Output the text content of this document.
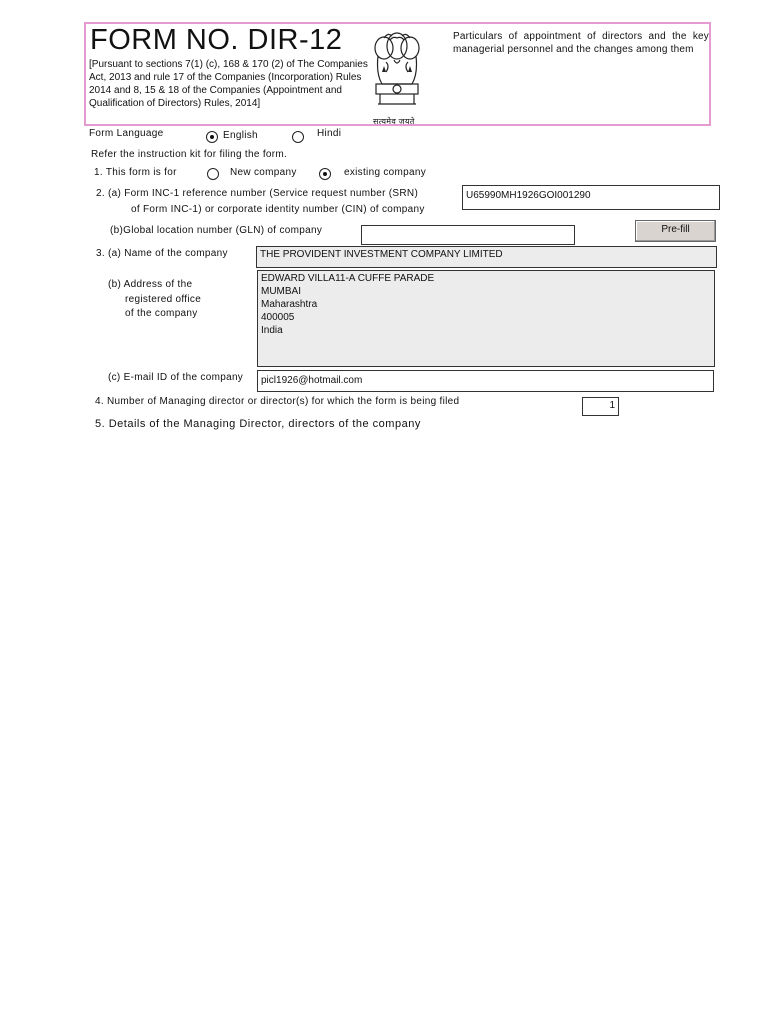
FORM NO. DIR-12
[Pursuant to sections 7(1) (c), 168 & 170 (2) of The Companies Act, 2013 and rule 17 of the Companies (Incorporation) Rules 2014 and 8, 15 & 18 of the Companies (Appointment and Qualification of Directors) Rules, 2014]
सत्यमेव जयते
Particulars of appointment of directors and the key managerial personnel and the changes among them
Form Language	English	Hindi
Refer the instruction kit for filing the form.
1. This form is for	New company	existing company
2. (a) Form INC-1 reference number (Service request number (SRN)
of Form INC-1) or corporate identity number (CIN) of company
U65990MH1926GOI001290
(b)Global location number (GLN) of company	Pre-fill
3. (a) Name of the company	THE PROVIDENT INVESTMENT COMPANY LIMITED
(b) Address of the
registered office
of the company
EDWARD VILLA11-A CUFFE PARADE
MUMBAI
Maharashtra
400005
India
(c) E-mail ID of the company	picl1926@hotmail.com
4. Number of Managing director or director(s) for which the form is being filed	1
5. Details of the Managing Director, directors of the company
